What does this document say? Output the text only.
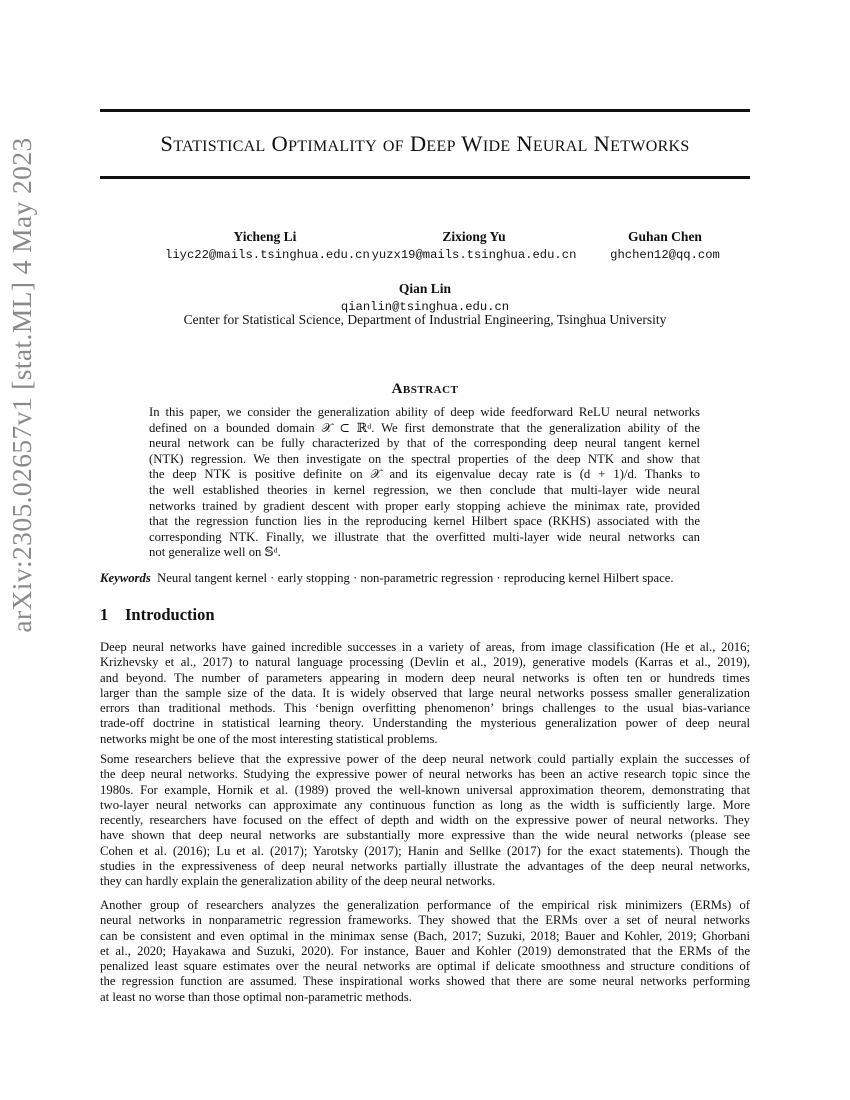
Statistical Optimality of Deep Wide Neural Networks
arXiv:2305.02657v1 [stat.ML] 4 May 2023	Yicheng Li
liyc22@mails.tsinghua.edu.cn
Zixiong Yu
yuzx19@mails.tsinghua.edu.cn
Guhan Chen
ghchen12@qq.com
Qian Lin
qianlin@tsinghua.edu.cn
Center for Statistical Science, Department of Industrial Engineering, Tsinghua University
Abstract
In this paper, we consider the generalization ability of deep wide feedforward ReLU neural networks
defined on a bounded domain 𝒳 ⊂ ℝᵈ. We first demonstrate that the generalization ability of the
neural network can be fully characterized by that of the corresponding deep neural tangent kernel
(NTK) regression. We then investigate on the spectral properties of the deep NTK and show that
the deep NTK is positive definite on 𝒳 and its eigenvalue decay rate is (d + 1)/d. Thanks to
the well established theories in kernel regression, we then conclude that multi-layer wide neural
networks trained by gradient descent with proper early stopping achieve the minimax rate, provided
that the regression function lies in the reproducing kernel Hilbert space (RKHS) associated with the
corresponding NTK. Finally, we illustrate that the overfitted multi-layer wide neural networks can
not generalize well on 𝕊ᵈ.
Keywords Neural tangent kernel · early stopping · non-parametric regression · reproducing kernel Hilbert space.
1 Introduction
Deep neural networks have gained incredible successes in a variety of areas, from image classification (He et al., 2016;
Krizhevsky et al., 2017) to natural language processing (Devlin et al., 2019), generative models (Karras et al., 2019),
and beyond. The number of parameters appearing in modern deep neural networks is often ten or hundreds times
larger than the sample size of the data. It is widely observed that large neural networks possess smaller generalization
errors than traditional methods. This ‘benign overfitting phenomenon’ brings challenges to the usual bias-variance
trade-off doctrine in statistical learning theory. Understanding the mysterious generalization power of deep neural
networks might be one of the most interesting statistical problems.
Some researchers believe that the expressive power of the deep neural network could partially explain the successes of
the deep neural networks. Studying the expressive power of neural networks has been an active research topic since the
1980s. For example, Hornik et al. (1989) proved the well-known universal approximation theorem, demonstrating that
two-layer neural networks can approximate any continuous function as long as the width is sufficiently large. More
recently, researchers have focused on the effect of depth and width on the expressive power of neural networks. They
have shown that deep neural networks are substantially more expressive than the wide neural networks (please see
Cohen et al. (2016); Lu et al. (2017); Yarotsky (2017); Hanin and Sellke (2017) for the exact statements). Though the
studies in the expressiveness of deep neural networks partially illustrate the advantages of the deep neural networks,
they can hardly explain the generalization ability of the deep neural networks.
Another group of researchers analyzes the generalization performance of the empirical risk minimizers (ERMs) of
neural networks in nonparametric regression frameworks. They showed that the ERMs over a set of neural networks
can be consistent and even optimal in the minimax sense (Bach, 2017; Suzuki, 2018; Bauer and Kohler, 2019; Ghorbani
et al., 2020; Hayakawa and Suzuki, 2020). For instance, Bauer and Kohler (2019) demonstrated that the ERMs of the
penalized least square estimates over the neural networks are optimal if delicate smoothness and structure conditions of
the regression function are assumed. These inspirational works showed that there are some neural networks performing
at least no worse than those optimal non-parametric methods.
